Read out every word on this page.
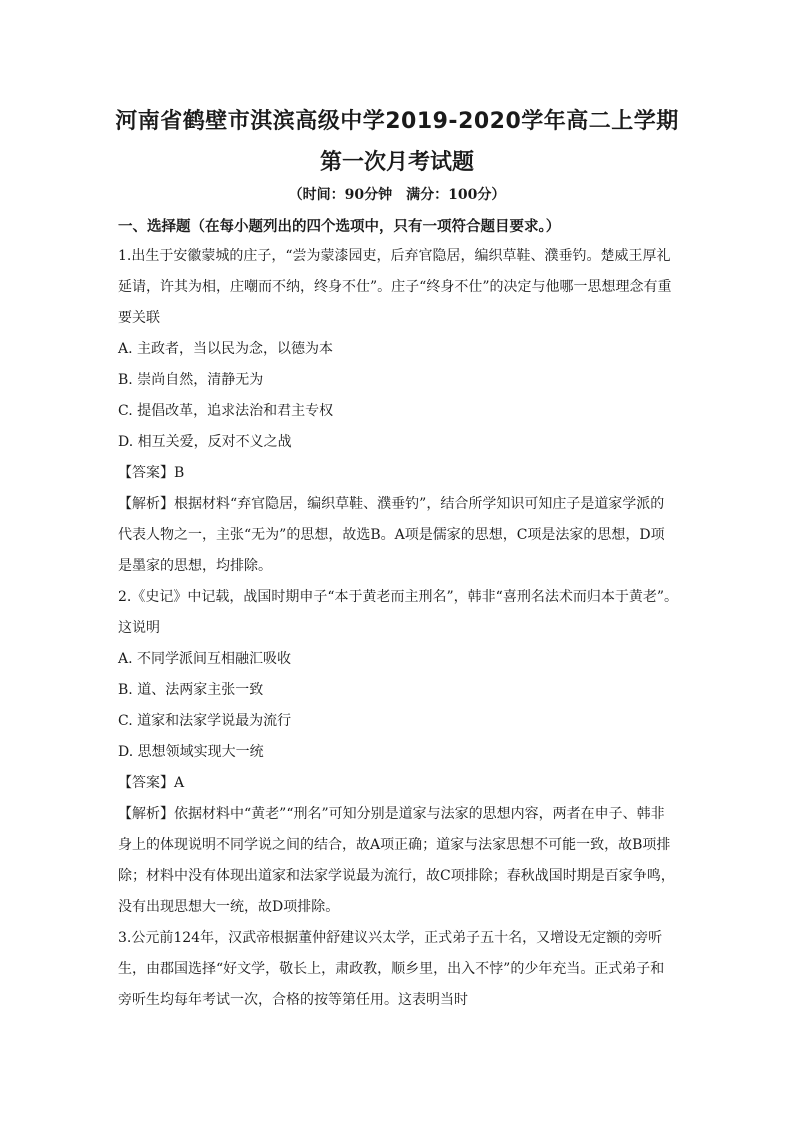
河南省鹤壁市淇滨高级中学2019-2020学年高二上学期
第一次月考试题
（时间：90分钟　满分：100分）

一、选择题（在每小题列出的四个选项中，只有一项符合题目要求。）

1.出生于安徽蒙城的庄子，“尝为蒙漆园吏，后弃官隐居，编织草鞋、濮垂钓。楚威王厚礼延请，许其为相，庄嘲而不纳，终身不仕”。庄子“终身不仕”的决定与他哪一思想理念有重要关联

A. 主政者，当以民为念，以德为本

B. 崇尚自然，清静无为

C. 提倡改革，追求法治和君主专权

D. 相互关爱，反对不义之战

【答案】B

【解析】根据材料“弃官隐居，编织草鞋、濮垂钓”，结合所学知识可知庄子是道家学派的代表人物之一，主张“无为”的思想，故选B。A项是儒家的思想，C项是法家的思想，D项是墨家的思想，均排除。

2.《史记》中记载，战国时期申子“本于黄老而主刑名”，韩非“喜刑名法术而归本于黄老”。这说明

A. 不同学派间互相融汇吸收

B. 道、法两家主张一致

C. 道家和法家学说最为流行

D. 思想领域实现大一统

【答案】A

【解析】依据材料中“黄老”“刑名”可知分别是道家与法家的思想内容，两者在申子、韩非身上的体现说明不同学说之间的结合，故A项正确；道家与法家思想不可能一致，故B项排除；材料中没有体现出道家和法家学说最为流行，故C项排除；春秋战国时期是百家争鸣，没有出现思想大一统，故D项排除。

3.公元前124年，汉武帝根据董仲舒建议兴太学，正式弟子五十名，又增设无定额的旁听生，由郡国选择“好文学，敬长上，肃政教，顺乡里，出入不悖”的少年充当。正式弟子和旁听生均每年考试一次，合格的按等第任用。这表明当时
